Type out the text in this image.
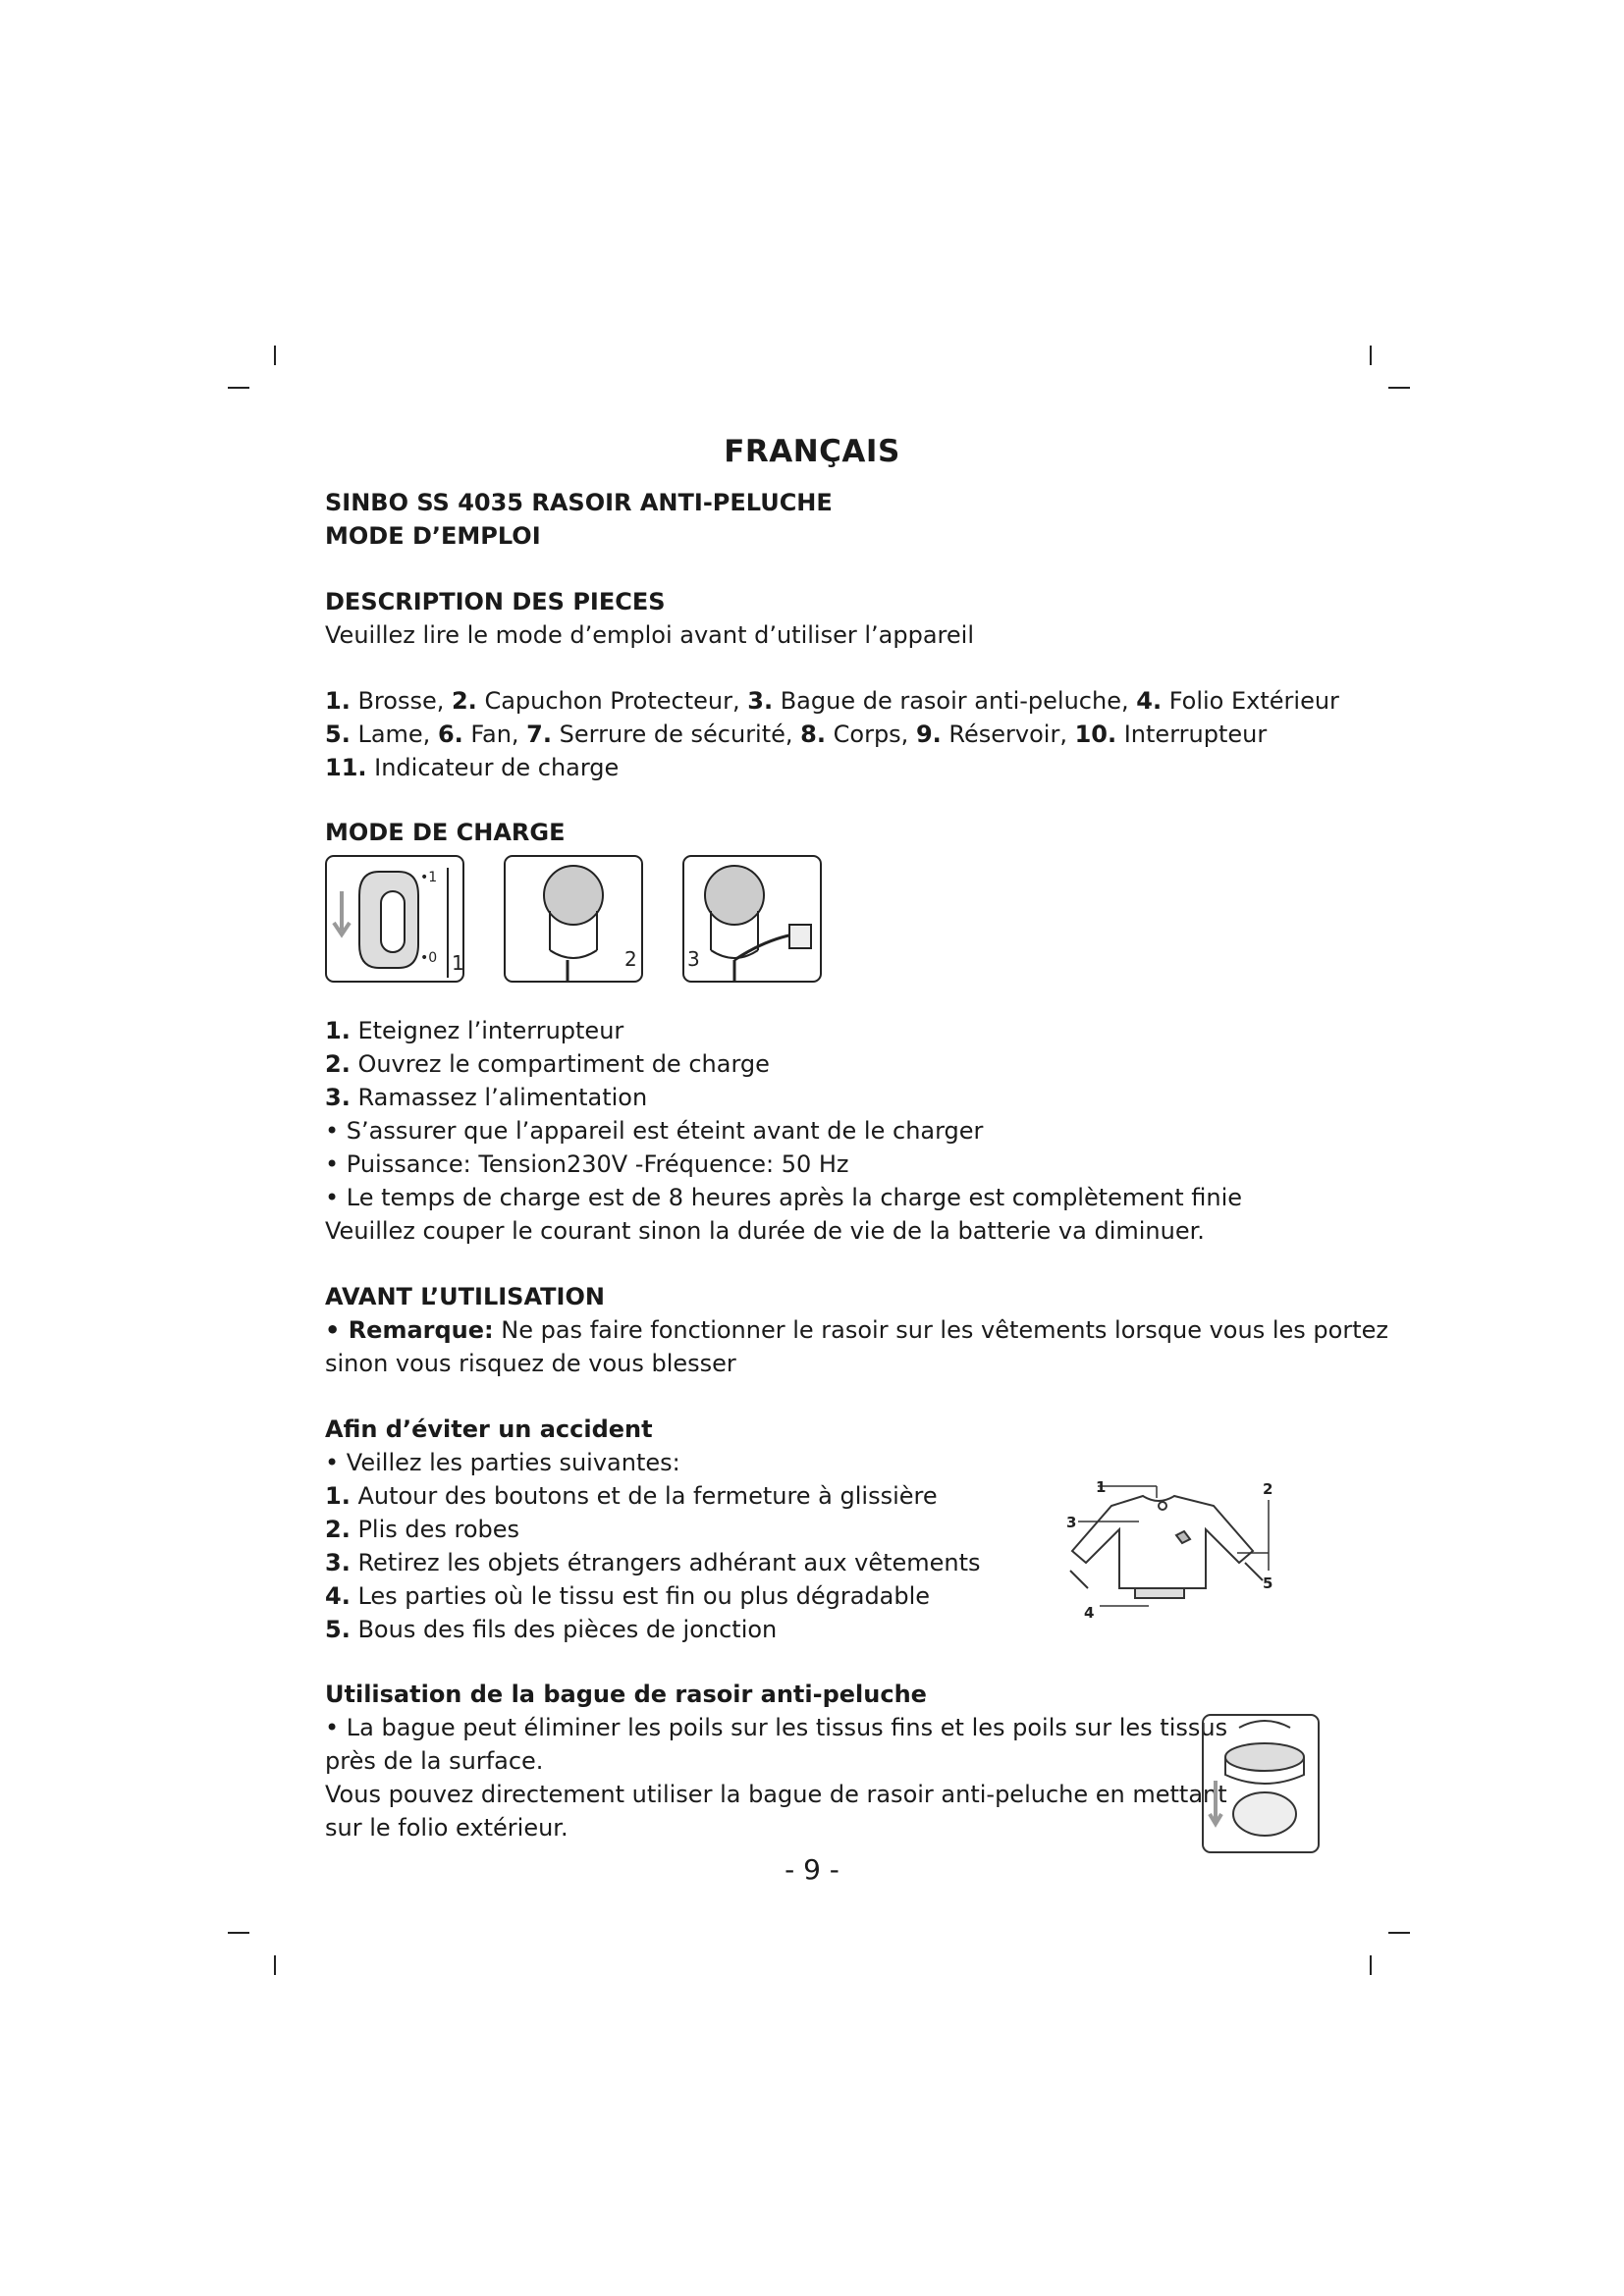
FRANÇAIS
SINBO SS 4035 RASOIR ANTI-PELUCHE
MODE D’EMPLOI
DESCRIPTION DES PIECES
Veuillez lire le mode d’emploi avant d’utiliser l’appareil
1. Brosse, 2. Capuchon Protecteur, 3. Bague de rasoir anti-peluche, 4. Folio Extérieur
5. Lame, 6. Fan, 7. Serrure de sécurité, 8. Corps, 9. Réservoir, 10. Interrupteur
11. Indicateur de charge
MODE DE CHARGE
•1
•0 1	2	3
1. Eteignez l’interrupteur
2. Ouvrez le compartiment de charge
3. Ramassez l’alimentation
• S’assurer que l’appareil est éteint avant de le charger
• Puissance: Tension230V -Fréquence: 50 Hz
• Le temps de charge est de 8 heures après la charge est complètement finie
Veuillez couper le courant sinon la durée de vie de la batterie va diminuer.
AVANT L’UTILISATION
• Remarque: Ne pas faire fonctionner le rasoir sur les vêtements lorsque vous les portez
sinon vous risquez de vous blesser
Afin d’éviter un accident
• Veillez les parties suivantes:
1. Autour des boutons et de la fermeture à glissière
2. Plis des robes
3. Retirez les objets étrangers adhérant aux vêtements
4. Les parties où le tissu est fin ou plus dégradable
5. Bous des fils des pièces de jonction
1	2
3
4
5
Utilisation de la bague de rasoir anti-peluche
• La bague peut éliminer les poils sur les tissus fins et les poils sur les tissus
près de la surface.
Vous pouvez directement utiliser la bague de rasoir anti-peluche en mettant
sur le folio extérieur.
- 9 -
